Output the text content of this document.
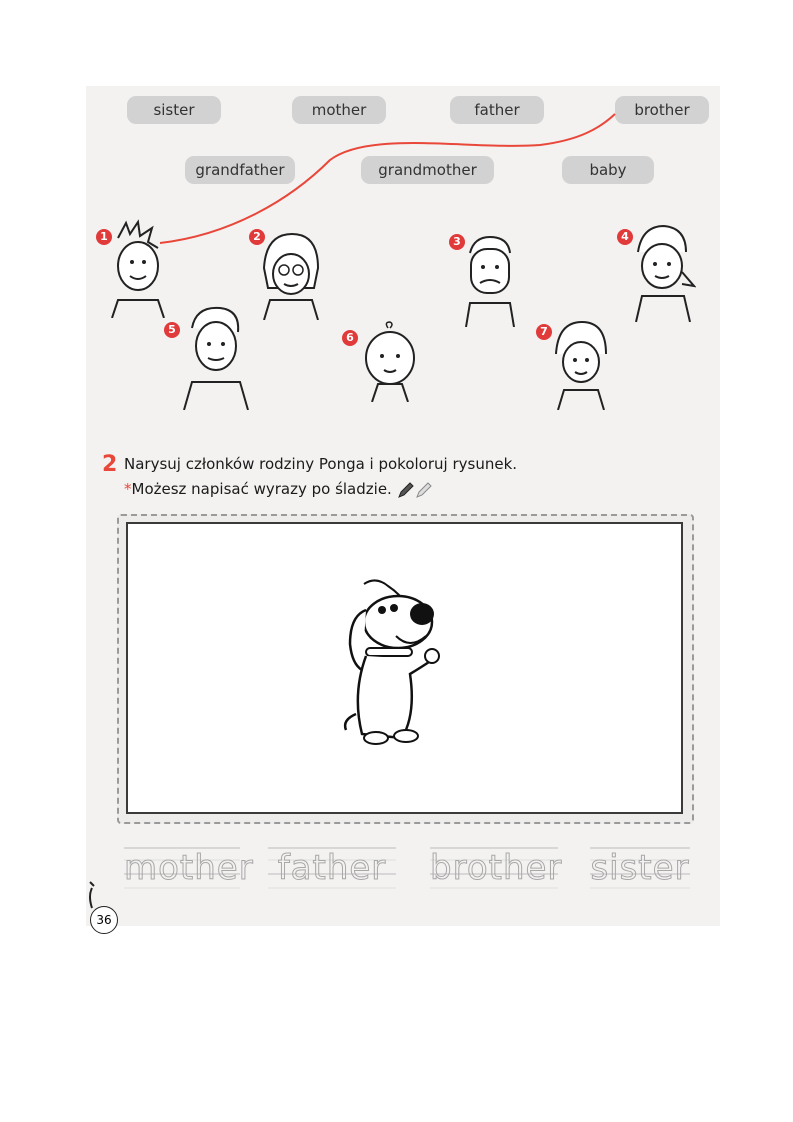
sister	mother	father	brother
grandfather	grandmother	baby
1	2	3	4
5
6	7
2 Narysuj członków rodziny Ponga i pokoloruj rysunek.
*Możesz napisać wyrazy po śladzie.
mother father brother sister
36
